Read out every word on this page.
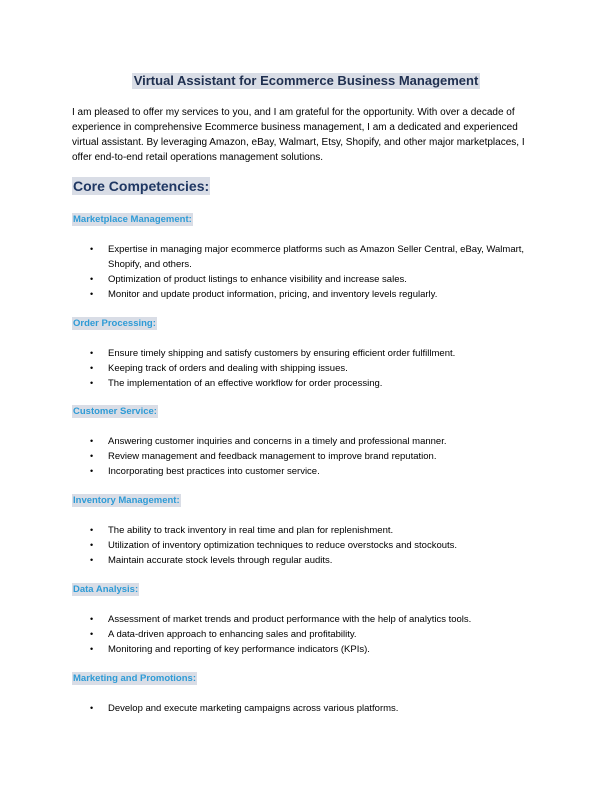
Virtual Assistant for Ecommerce Business Management

I am pleased to offer my services to you, and I am grateful for the opportunity. With over a decade of experience in comprehensive Ecommerce business management, I am a dedicated and experienced virtual assistant. By leveraging Amazon, eBay, Walmart, Etsy, Shopify, and other major marketplaces, I offer end-to-end retail operations management solutions.

Core Competencies:
Marketplace Management:
• Expertise in managing major ecommerce platforms such as Amazon Seller Central, eBay, Walmart, Shopify, and others.
• Optimization of product listings to enhance visibility and increase sales.
• Monitor and update product information, pricing, and inventory levels regularly.
Order Processing:
• Ensure timely shipping and satisfy customers by ensuring efficient order fulfillment.
• Keeping track of orders and dealing with shipping issues.
• The implementation of an effective workflow for order processing.
Customer Service:
• Answering customer inquiries and concerns in a timely and professional manner.
• Review management and feedback management to improve brand reputation.
• Incorporating best practices into customer service.
Inventory Management:
• The ability to track inventory in real time and plan for replenishment.
• Utilization of inventory optimization techniques to reduce overstocks and stockouts.
• Maintain accurate stock levels through regular audits.
Data Analysis:
• Assessment of market trends and product performance with the help of analytics tools.
• A data-driven approach to enhancing sales and profitability.
• Monitoring and reporting of key performance indicators (KPIs).
Marketing and Promotions:
• Develop and execute marketing campaigns across various platforms.
